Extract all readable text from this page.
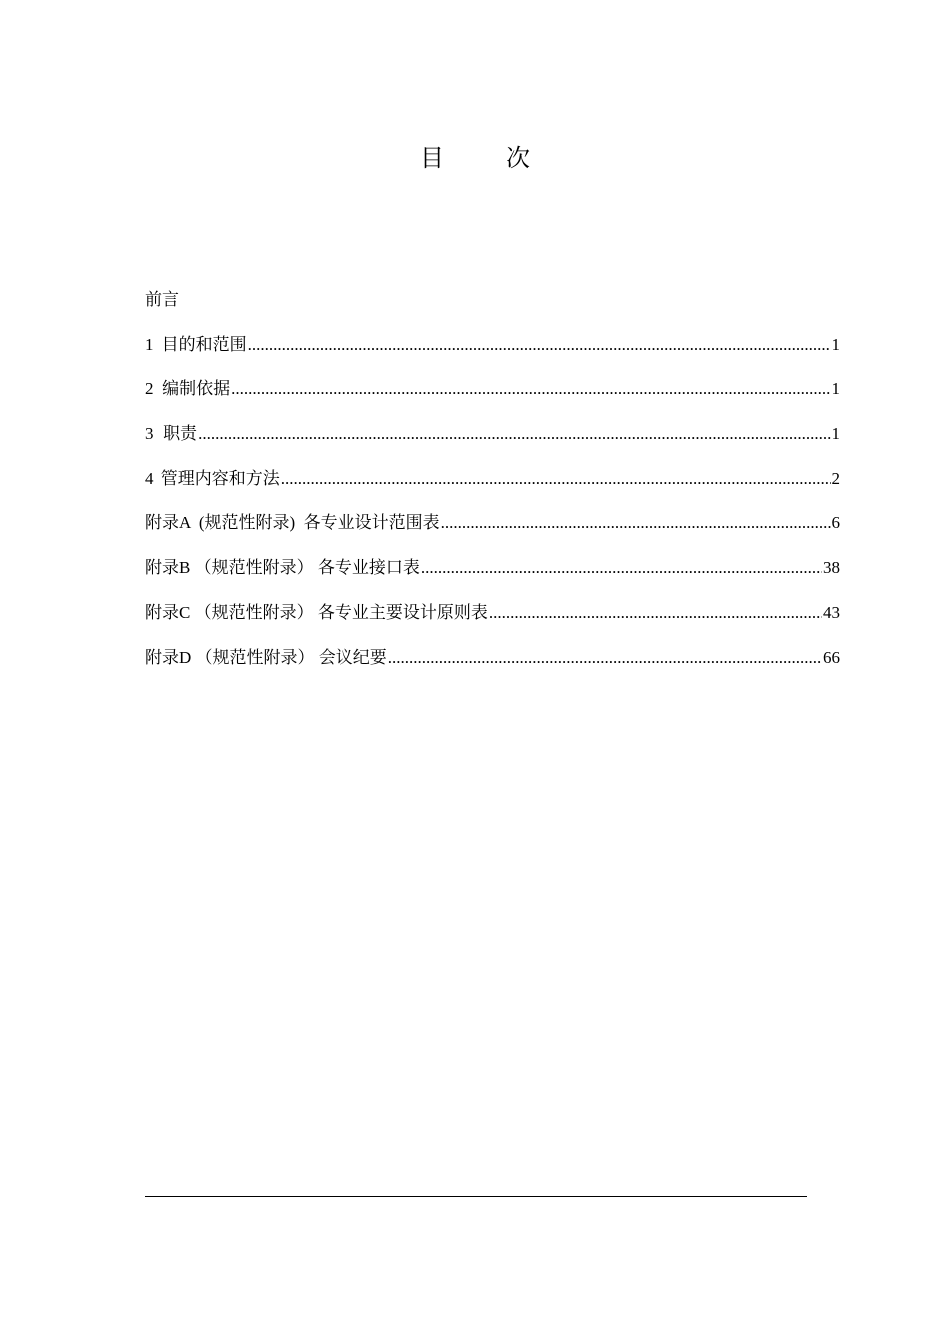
目	次
前言
1 目的和范围 .....	1
2 编制依据 .....	1
3 职责 .....	1
4 管理内容和方法 .....	2
附录A  (规范性附录)  各专业设计范围表 .....	6
附录B （规范性附录） 各专业接口表 .....	38
附录C （规范性附录） 各专业主要设计原则表 .....	43
附录D （规范性附录） 会议纪要 .....	66
